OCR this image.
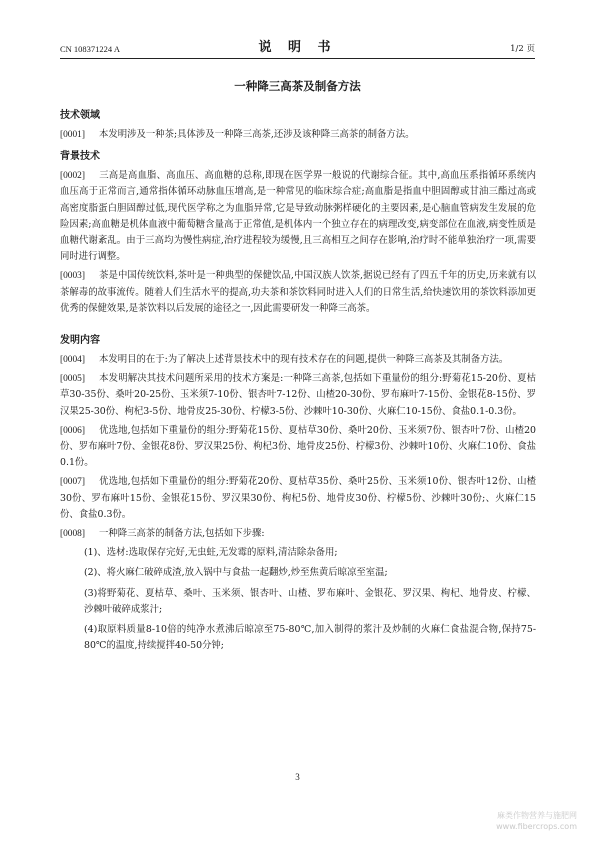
CN 108371224 A	说 明 书	1/2 页
一种降三高茶及制备方法
技术领域
[0001] 本发明涉及一种茶;具体涉及一种降三高茶,还涉及该种降三高茶的制备方法。
背景技术
[0002] 三高是高血脂、高血压、高血糖的总称,即现在医学界一般说的代谢综合征。其中,高血压系指循环系统内血压高于正常而言,通常指体循环动脉血压增高,是一种常见的临床综合症;高血脂是指血中胆固醇或甘油三酯过高或高密度脂蛋白胆固醇过低,现代医学称之为血脂异常,它是导致动脉粥样硬化的主要因素,是心脑血管病发生发展的危险因素;高血糖是机体血液中葡萄糖含量高于正常值,是机体内一个独立存在的病理改变,病变部位在血液,病变性质是血糖代谢紊乱。由于三高均为慢性病症,治疗进程较为缓慢,且三高相互之间存在影响,治疗时不能单独治疗一项,需要同时进行调整。
[0003] 茶是中国传统饮料,茶叶是一种典型的保健饮品,中国汉族人饮茶,据说已经有了四五千年的历史,历来就有以茶解毒的故事流传。随着人们生活水平的提高,功夫茶和茶饮料同时进入人们的日常生活,给快速饮用的茶饮料添加更优秀的保健效果,是茶饮料以后发展的途径之一,因此需要研发一种降三高茶。
发明内容
[0004] 本发明目的在于:为了解决上述背景技术中的现有技术存在的问题,提供一种降三高茶及其制备方法。
[0005] 本发明解决其技术问题所采用的技术方案是:一种降三高茶,包括如下重量份的组分:野菊花15-20份、夏枯草30-35份、桑叶20-25份、玉米须7-10份、银杏叶7-12份、山楂20-30份、罗布麻叶7-15份、金银花8-15份、罗汉果25-30份、枸杞3-5份、地骨皮25-30份、柠檬3-5份、沙棘叶10-30份、火麻仁10-15份、食盐0.1-0.3份。
[0006] 优选地,包括如下重量份的组分:野菊花15份、夏枯草30份、桑叶20份、玉米须7份、银杏叶7份、山楂20份、罗布麻叶7份、金银花8份、罗汉果25份、枸杞3份、地骨皮25份、柠檬3份、沙棘叶10份、火麻仁10份、食盐0.1份。
[0007] 优选地,包括如下重量份的组分:野菊花20份、夏枯草35份、桑叶25份、玉米须10份、银杏叶12份、山楂30份、罗布麻叶15份、金银花15份、罗汉果30份、枸杞5份、地骨皮30份、柠檬5份、沙棘叶30份;、火麻仁15份、食盐0.3份。
[0008] 一种降三高茶的制备方法,包括如下步骤:
(1)、选材:选取保存完好,无虫蛀,无发霉的原料,清洁除杂备用;
(2)、将火麻仁破碎成渣,放入锅中与食盐一起翻炒,炒至焦黄后晾凉至室温;
(3)将野菊花、夏枯草、桑叶、玉米须、银杏叶、山楂、罗布麻叶、金银花、罗汉果、枸杞、地骨皮、柠檬、沙棘叶破碎成浆汁;
(4)取原料质量8-10倍的纯净水煮沸后晾凉至75-80℃,加入制得的浆汁及炒制的火麻仁食盐混合物,保持75-80℃的温度,持续搅拌40-50分钟;
3
麻类作物营养与施肥网
www.fibercrops.com
